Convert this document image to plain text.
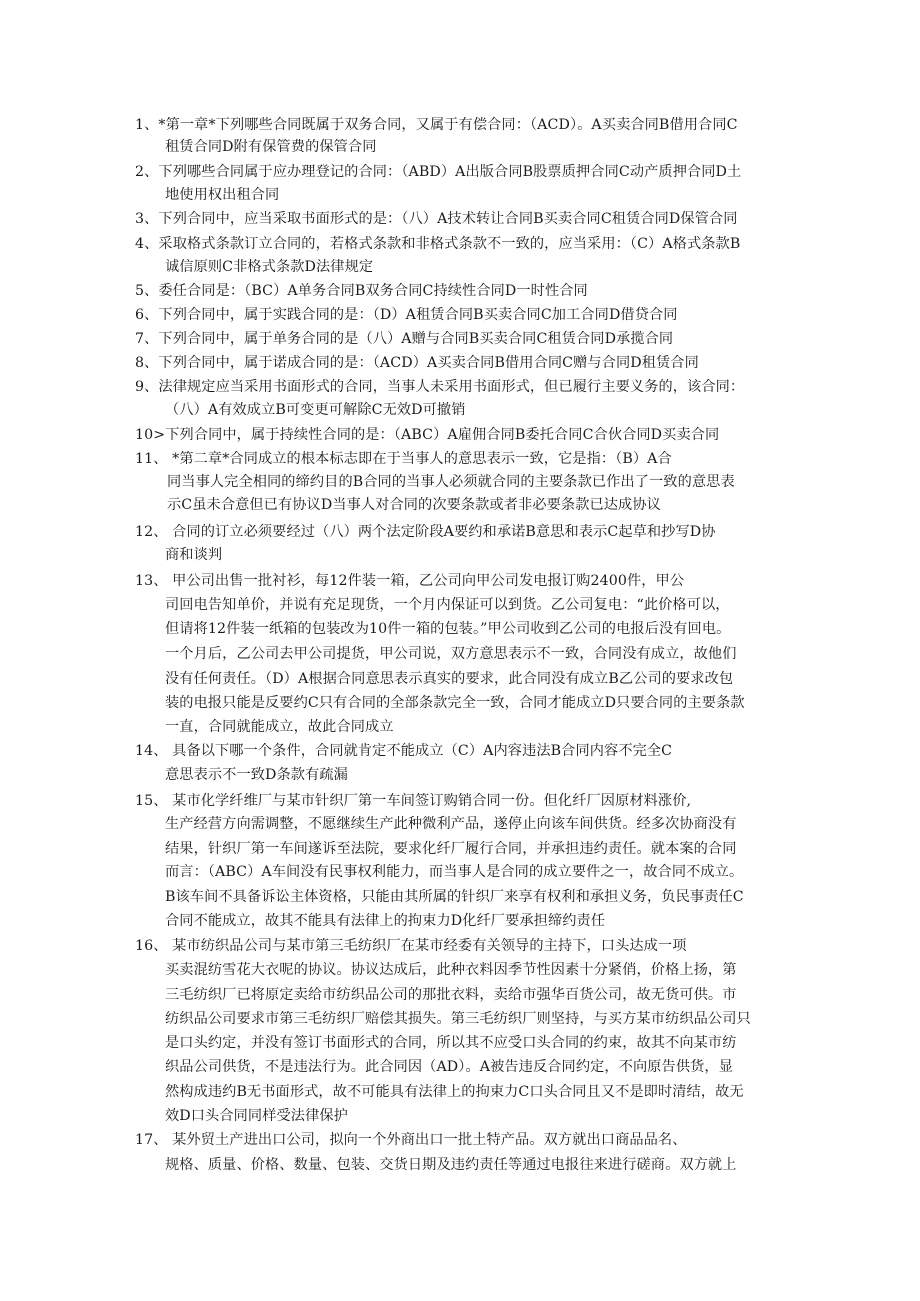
1、*第一章*下列哪些合同既属于双务合同，又属于有偿合同：（ACD）。A买卖合同B借用合同C
租赁合同D附有保管费的保管合同
2、下列哪些合同属于应办理登记的合同：（ABD）A出版合同B股票质押合同C动产质押合同D土
地使用权出租合同
3、下列合同中，应当采取书面形式的是：（八）A技术转让合同B买卖合同C租赁合同D保管合同
4、采取格式条款订立合同的，若格式条款和非格式条款不一致的，应当采用：（C）A格式条款B
诚信原则C非格式条款D法律规定
5、委任合同是：（BC）A单务合同B双务合同C持续性合同D一时性合同
6、下列合同中，属于实践合同的是：（D）A租赁合同B买卖合同C加工合同D借贷合同
7、下列合同中，属于单务合同的是（八）A赠与合同B买卖合同C租赁合同D承揽合同
8、下列合同中，属于诺成合同的是：（ACD）A买卖合同B借用合同C赠与合同D租赁合同
9、法律规定应当采用书面形式的合同，当事人未采用书面形式，但已履行主要义务的，该合同：
（八）A有效成立B可变更可解除C无效D可撤销
10>下列合同中，属于持续性合同的是：（ABC）A雇佣合同B委托合同C合伙合同D买卖合同
11、 *第二章*合同成立的根本标志即在于当事人的意思表示一致，它是指：（B）A合
同当事人完全相同的缔约目的B合同的当事人必须就合同的主要条款已作出了一致的意思表
示C虽未合意但已有协议D当事人对合同的次要条款或者非必要条款已达成协议
12、 合同的订立必须要经过（八）两个法定阶段A要约和承诺B意思和表示C起草和抄写D协
商和谈判
13、 甲公司出售一批衬衫，每12件装一箱，乙公司向甲公司发电报订购2400件，甲公
司回电告知单价，并说有充足现货，一个月内保证可以到货。乙公司复电：“此价格可以，
但请将12件装一纸箱的包装改为10件一箱的包装。”甲公司收到乙公司的电报后没有回电。
一个月后，乙公司去甲公司提货，甲公司说，双方意思表示不一致，合同没有成立，故他们
没有任何责任。（D）A根据合同意思表示真实的要求，此合同没有成立B乙公司的要求改包
装的电报只能是反要约C只有合同的全部条款完全一致，合同才能成立D只要合同的主要条款
一直，合同就能成立，故此合同成立
14、 具备以下哪一个条件，合同就肯定不能成立（C）A内容违法B合同内容不完全C
意思表示不一致D条款有疏漏
15、 某市化学纤维厂与某市针织厂第一车间签订购销合同一份。但化纤厂因原材料涨价,
生产经营方向需调整，不愿继续生产此种微利产品，遂停止向该车间供货。经多次协商没有
结果，针织厂第一车间遂诉至法院，要求化纤厂履行合同，并承担违约责任。就本案的合同
而言：（ABC）A车间没有民事权利能力，而当事人是合同的成立要件之一，故合同不成立。
B该车间不具备诉讼主体资格，只能由其所属的针织厂来享有权利和承担义务，负民事责任C
合同不能成立，故其不能具有法律上的拘束力D化纤厂要承担缔约责任
16、 某市纺织品公司与某市第三毛纺织厂在某市经委有关领导的主持下，口头达成一项
买卖混纺雪花大衣呢的协议。协议达成后，此种衣料因季节性因素十分紧俏，价格上扬，第
三毛纺织厂已将原定卖给市纺织品公司的那批衣料，卖给市强华百货公司，故无货可供。市
纺织品公司要求市第三毛纺织厂赔偿其损失。第三毛纺织厂则坚持，与买方某市纺织品公司只
是口头约定，并没有签订书面形式的合同，所以其不应受口头合同的约束，故其不向某市纺
织品公司供货，不是违法行为。此合同因（AD）。A被告违反合同约定，不向原告供货，显
然构成违约B无书面形式，故不可能具有法律上的拘束力C口头合同且又不是即时清结，故无
效D口头合同同样受法律保护
17、 某外贸土产进出口公司，拟向一个外商出口一批土特产品。双方就出口商品品名、
规格、质量、价格、数量、包装、交货日期及违约责任等通过电报往来进行磋商。双方就上
